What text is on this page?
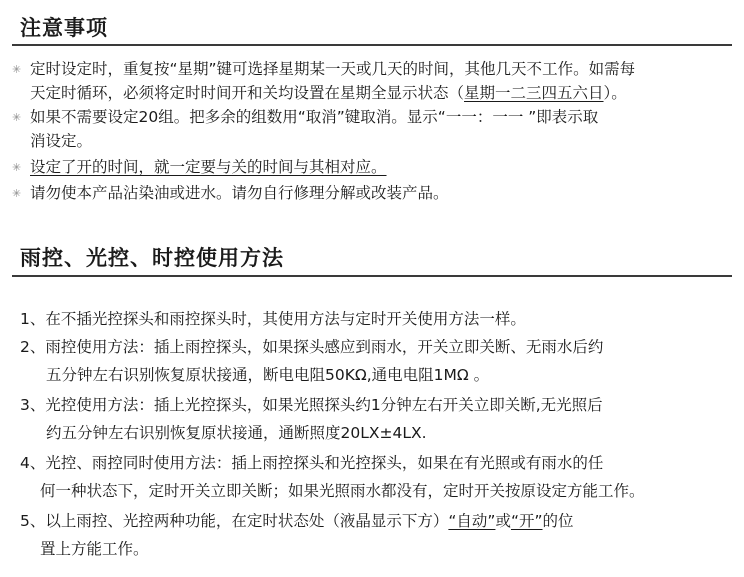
注意事项
✳ 定时设定时，重复按“星期”键可选择星期某一天或几天的时间，其他几天不工作。如需每
天定时循环，必须将定时时间开和关均设置在星期全显示状态（星期一二三四五六日）。
✳ 如果不需要设定20组。把多余的组数用“取消”键取消。显示“一一：一一 ”即表示取
消设定。
✳ 设定了开的时间，就一定要与关的时间与其相对应。
✳ 请勿使本产品沾染油或进水。请勿自行修理分解或改装产品。
雨控、光控、时控使用方法
1、在不插光控探头和雨控探头时，其使用方法与定时开关使用方法一样。
2、雨控使用方法：插上雨控探头，如果探头感应到雨水，开关立即关断、无雨水后约
五分钟左右识别恢复原状接通，断电电阻50KΩ,通电电阻1MΩ 。
3、光控使用方法：插上光控探头，如果光照探头约1分钟左右开关立即关断,无光照后
约五分钟左右识别恢复原状接通，通断照度20LX±4LX.
4、光控、雨控同时使用方法：插上雨控探头和光控探头，如果在有光照或有雨水的任
何一种状态下，定时开关立即关断；如果光照雨水都没有，定时开关按原设定方能工作。
5、以上雨控、光控两种功能，在定时状态处（液晶显示下方）“自动”或“开”的位
置上方能工作。
